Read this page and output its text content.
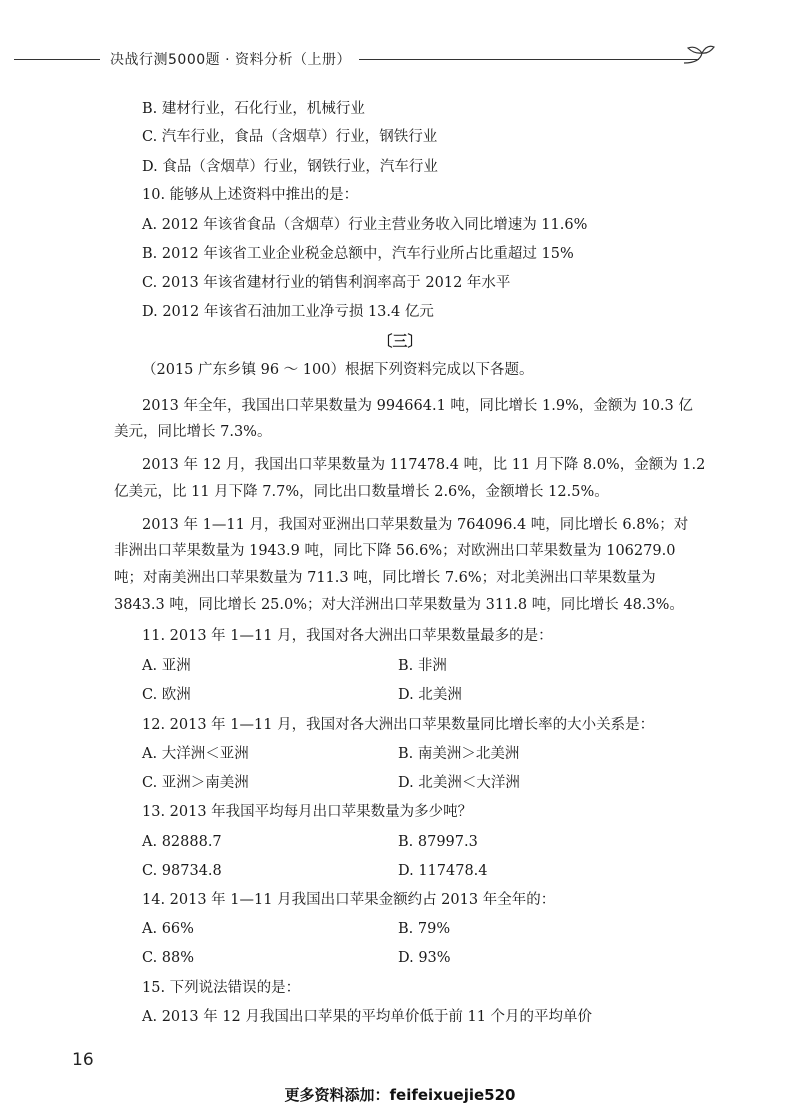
决战行测5000题 · 资料分析（上册）
B. 建材行业，石化行业，机械行业
C. 汽车行业，食品（含烟草）行业，钢铁行业
D. 食品（含烟草）行业，钢铁行业，汽车行业
10. 能够从上述资料中推出的是：
A. 2012 年该省食品（含烟草）行业主营业务收入同比增速为 11.6%
B. 2012 年该省工业企业税金总额中，汽车行业所占比重超过 15%
C. 2013 年该省建材行业的销售利润率高于 2012 年水平
D. 2012 年该省石油加工业净亏损 13.4 亿元
〔三〕
（2015 广东乡镇 96 ～ 100）根据下列资料完成以下各题。
2013 年全年，我国出口苹果数量为 994664.1 吨，同比增长 1.9%，金额为 10.3 亿
美元，同比增长 7.3%。
2013 年 12 月，我国出口苹果数量为 117478.4 吨，比 11 月下降 8.0%，金额为 1.2
亿美元，比 11 月下降 7.7%，同比出口数量增长 2.6%，金额增长 12.5%。
2013 年 1—11 月，我国对亚洲出口苹果数量为 764096.4 吨，同比增长 6.8%；对
非洲出口苹果数量为 1943.9 吨，同比下降 56.6%；对欧洲出口苹果数量为 106279.0
吨；对南美洲出口苹果数量为 711.3 吨，同比增长 7.6%；对北美洲出口苹果数量为
3843.3 吨，同比增长 25.0%；对大洋洲出口苹果数量为 311.8 吨，同比增长 48.3%。
11. 2013 年 1—11 月，我国对各大洲出口苹果数量最多的是：
A. 亚洲	B. 非洲
C. 欧洲	D. 北美洲
12. 2013 年 1—11 月，我国对各大洲出口苹果数量同比增长率的大小关系是：
A. 大洋洲＜亚洲	B. 南美洲＞北美洲
C. 亚洲＞南美洲	D. 北美洲＜大洋洲
13. 2013 年我国平均每月出口苹果数量为多少吨？
A. 82888.7	B. 87997.3
C. 98734.8	D. 117478.4
14. 2013 年 1—11 月我国出口苹果金额约占 2013 年全年的：
A. 66%	B. 79%
C. 88%	D. 93%
15. 下列说法错误的是：
A. 2013 年 12 月我国出口苹果的平均单价低于前 11 个月的平均单价
16
更多资料添加：feifeixuejie520
